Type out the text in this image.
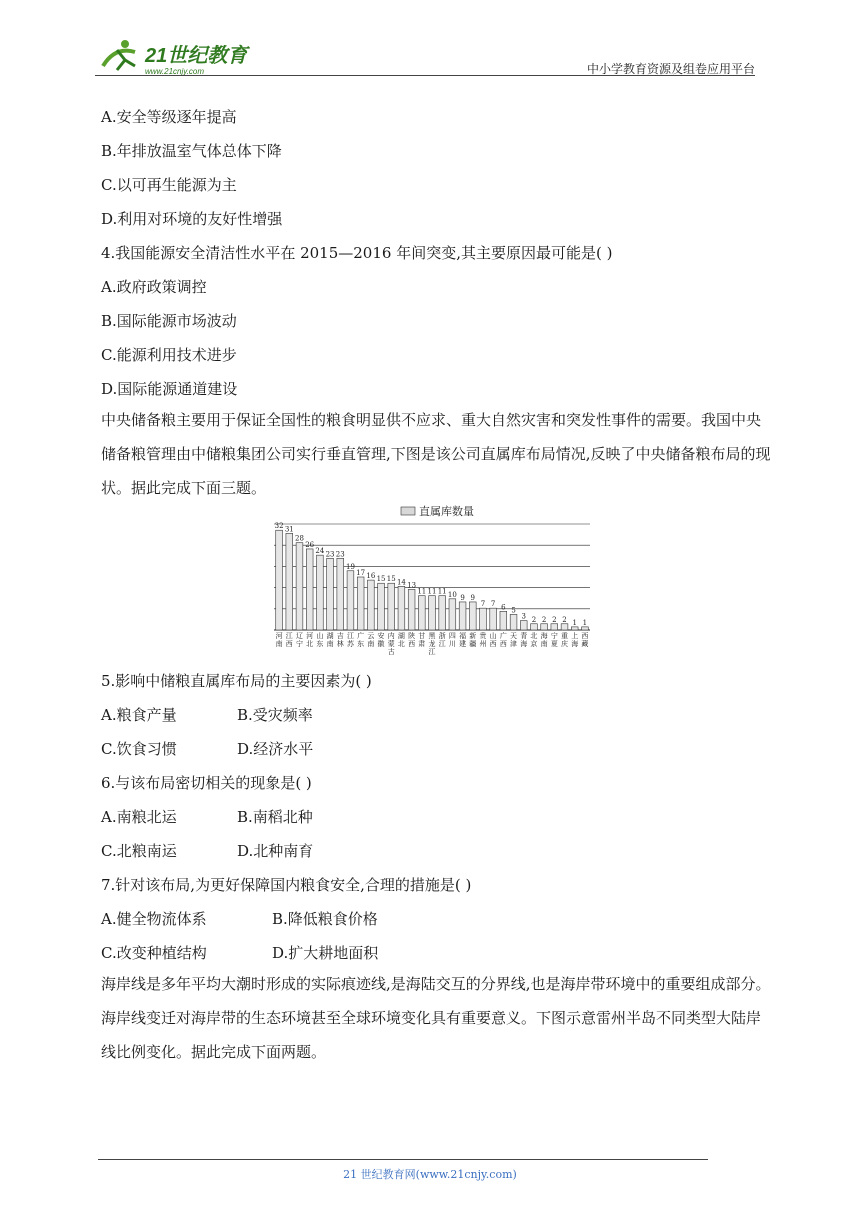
21世纪教育
www.21cnjy.com	中小学教育资源及组卷应用平台
A.安全等级逐年提高
B.年排放温室气体总体下降
C.以可再生能源为主
D.利用对环境的友好性增强
4.我国能源安全清洁性水平在 2015—2016 年间突变,其主要原因最可能是( )
A.政府政策调控
B.国际能源市场波动
C.能源利用技术进步
D.国际能源通道建设
中央储备粮主要用于保证全国性的粮食明显供不应求、重大自然灾害和突发性事件的需要。我国中央储备粮管理由中储粮集团公司实行垂直管理,下图是该公司直属库布局情况,反映了中央储备粮布局的现状。据此完成下面三题。
直属库数量
32
河南
31
江西
28
辽宁
26
河北
24
山东
23
湖南
23
吉林
19
江苏
17
广东
16
云南
15
安徽
15
内蒙古
14
湖北
13
陕西
11
甘肃
11
黑龙江
11
浙江
10
四川
9
福建
9
新疆
7
贵州
7
山西
6
广西
5
天津
3
青海
2
北京
2
海南
2
宁夏
2
重庆
1
上海
1
西藏
5.影响中储粮直属库布局的主要因素为( )
A.粮食产量	B.受灾频率
C.饮食习惯	D.经济水平
6.与该布局密切相关的现象是( )
A.南粮北运	B.南稻北种
C.北粮南运	D.北种南育
7.针对该布局,为更好保障国内粮食安全,合理的措施是( )
A.健全物流体系	B.降低粮食价格
C.改变种植结构	D.扩大耕地面积
海岸线是多年平均大潮时形成的实际痕迹线,是海陆交互的分界线,也是海岸带环境中的重要组成部分。海岸线变迁对海岸带的生态环境甚至全球环境变化具有重要意义。下图示意雷州半岛不同类型大陆岸线比例变化。据此完成下面两题。
21 世纪教育网(www.21cnjy.com)
